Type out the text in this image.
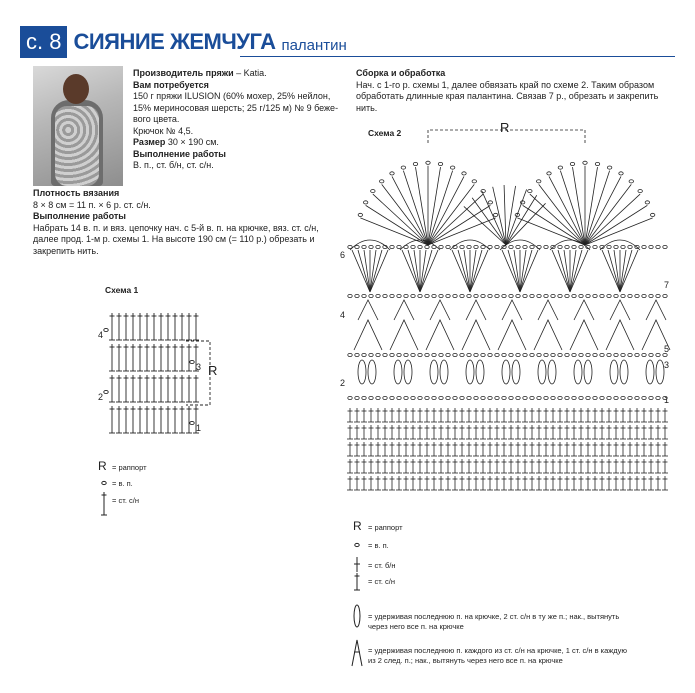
с. 8 СИЯНИЕ ЖЕМЧУГА палантин
Производитель пряжи – Katia.
Вам потребуется
150 г пряжи ILUSION (60% мохер, 25% нейлон,
15% мериносовая шерсть; 25 г/125 м) № 9 беже-
вого цвета.
Крючок № 4,5.
Размер 30 × 190 см.
Выполнение работы
В. п., ст. б/н, ст. с/н.
Плотность вязания
8 × 8 см = 11 п. × 6 р. ст. с/н.
Выполнение работы
Набрать 14 в. п. и вяз. цепочку нач. с 5-й в. п. на крючке, вяз. ст. с/н,
далее прод. 1-м р. схемы 1. На высоте 190 см (= 110 р.) обрезать и
закрепить нить.
Сборка и обработка
Нач. с 1-го р. схемы 1, далее обвязать край по схеме 2. Таким образом
обработать длинные края палантина. Связав 7 р., обрезать и закрепить
нить.
Схема 1
Схема 2
4
2
3
1
R
R
6
4
2
7
5
3
1
R = раппорт
= в. п.
= ст. с/н
R = раппорт
= в. п.
= ст. б/н
= ст. с/н
= удерживая последнюю п. на крючке, 2 ст. с/н в ту же п.; нак., вытянуть
через него все п. на крючке
= удерживая последнюю п. каждого из ст. с/н на крючке, 1 ст. с/н в каждую
из 2 след. п.; нак., вытянуть через него все п. на крючке
